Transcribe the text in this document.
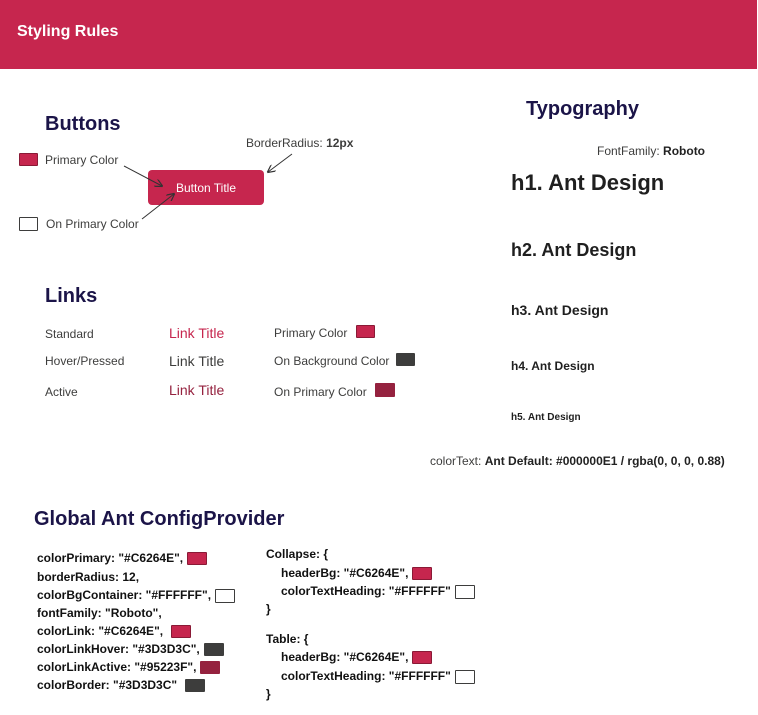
Styling Rules
Buttons
Primary Color
On Primary Color
BorderRadius: 12px
Button Title
Links
Standard	Link Title	Primary Color
Hover/Pressed	Link Title	On Background Color
Active	Link Title	On Primary Color
Typography
FontFamily: Roboto
h1. Ant Design
h2. Ant Design
h3. Ant Design
h4. Ant Design
h5. Ant Design
colorText: Ant Default: #000000E1 / rgba(0, 0, 0, 0.88)
Global Ant ConfigProvider
colorPrimary: "#C6264E",
borderRadius: 12,
colorBgContainer: "#FFFFFF",
fontFamily: "Roboto",
colorLink: "#C6264E",
colorLinkHover: "#3D3D3C",
colorLinkActive: "#95223F",
colorBorder: "#3D3D3C"
Collapse: {
headerBg: "#C6264E",
colorTextHeading: "#FFFFFF"
}
Table: {
headerBg: "#C6264E",
colorTextHeading: "#FFFFFF"
}
